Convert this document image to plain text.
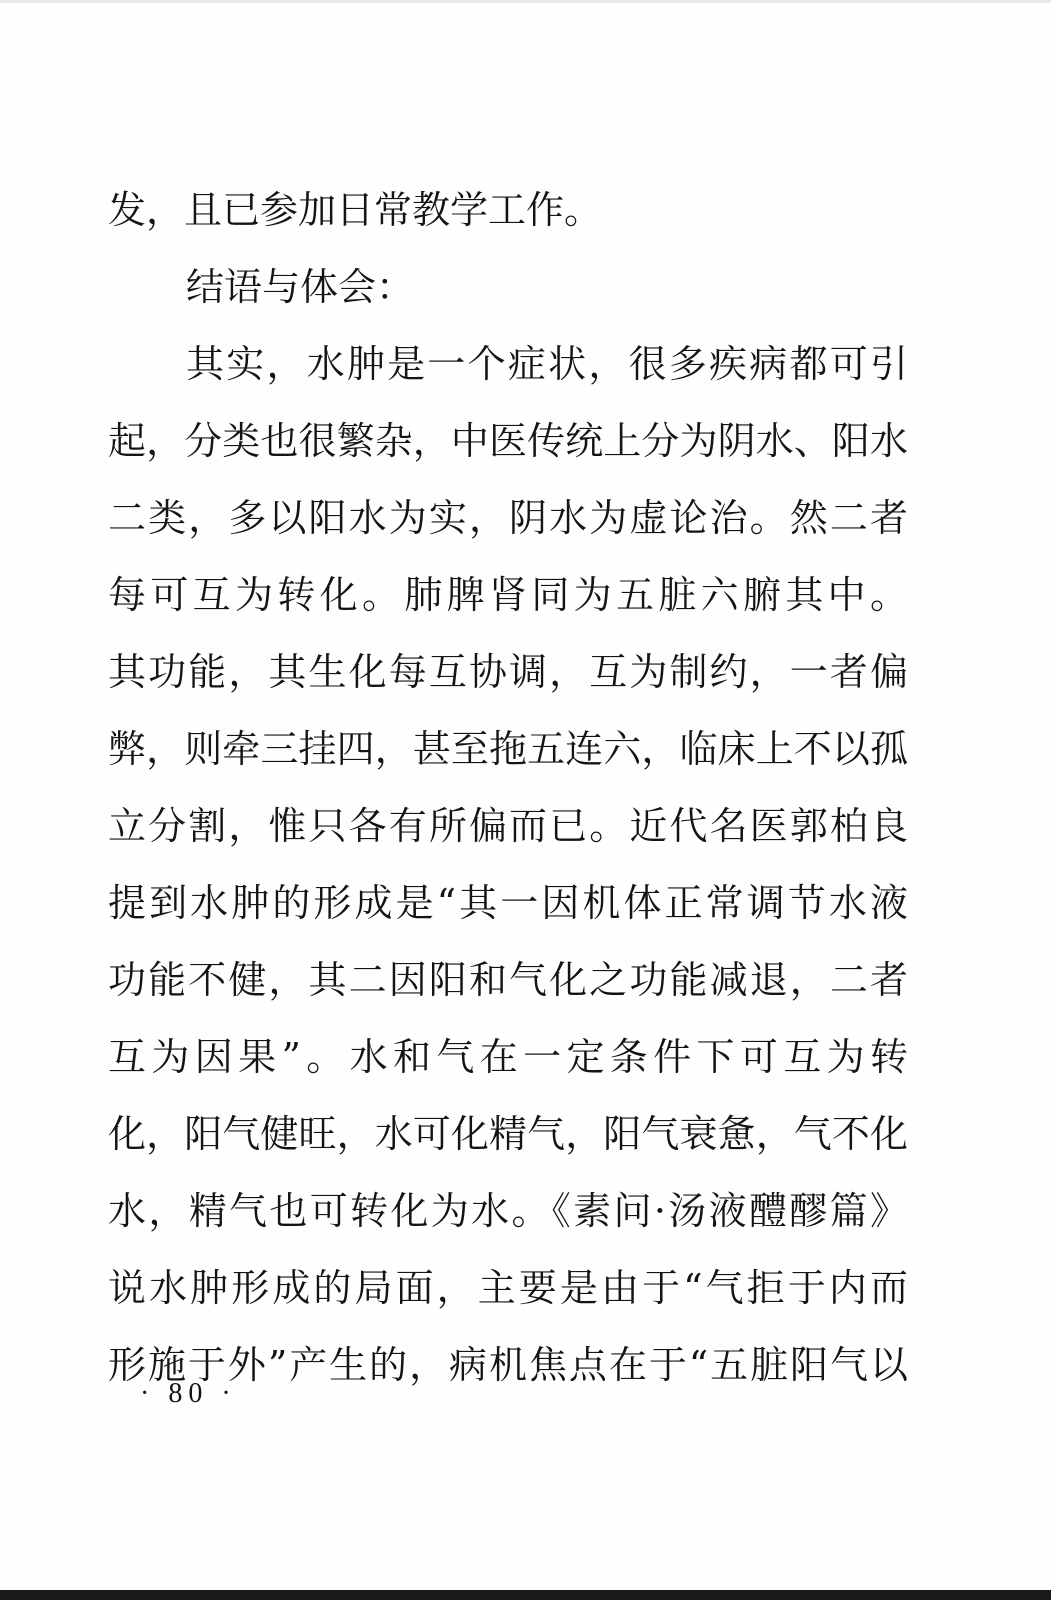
发，且已参加日常教学工作。
结语与体会：
其实，水肿是一个症状，很多疾病都可引
起，分类也很繁杂，中医传统上分为阴水、阳水
二类，多以阳水为实，阴水为虚论治。然二者
每可互为转化。肺脾肾同为五脏六腑其中。
其功能，其生化每互协调，互为制约，一者偏
弊，则牵三挂四，甚至拖五连六，临床上不以孤
立分割，惟只各有所偏而已。近代名医郭柏良
提到水肿的形成是“其一因机体正常调节水液
功能不健，其二因阳和气化之功能减退，二者
互为因果”。水和气在一定条件下可互为转
化，阳气健旺，水可化精气，阳气衰惫，气不化
水，精气也可转化为水。《素问·汤液醴醪篇》
说水肿形成的局面，主要是由于“气拒于内而
形施于外”产生的，病机焦点在于“五脏阳气以
· 80 ·
